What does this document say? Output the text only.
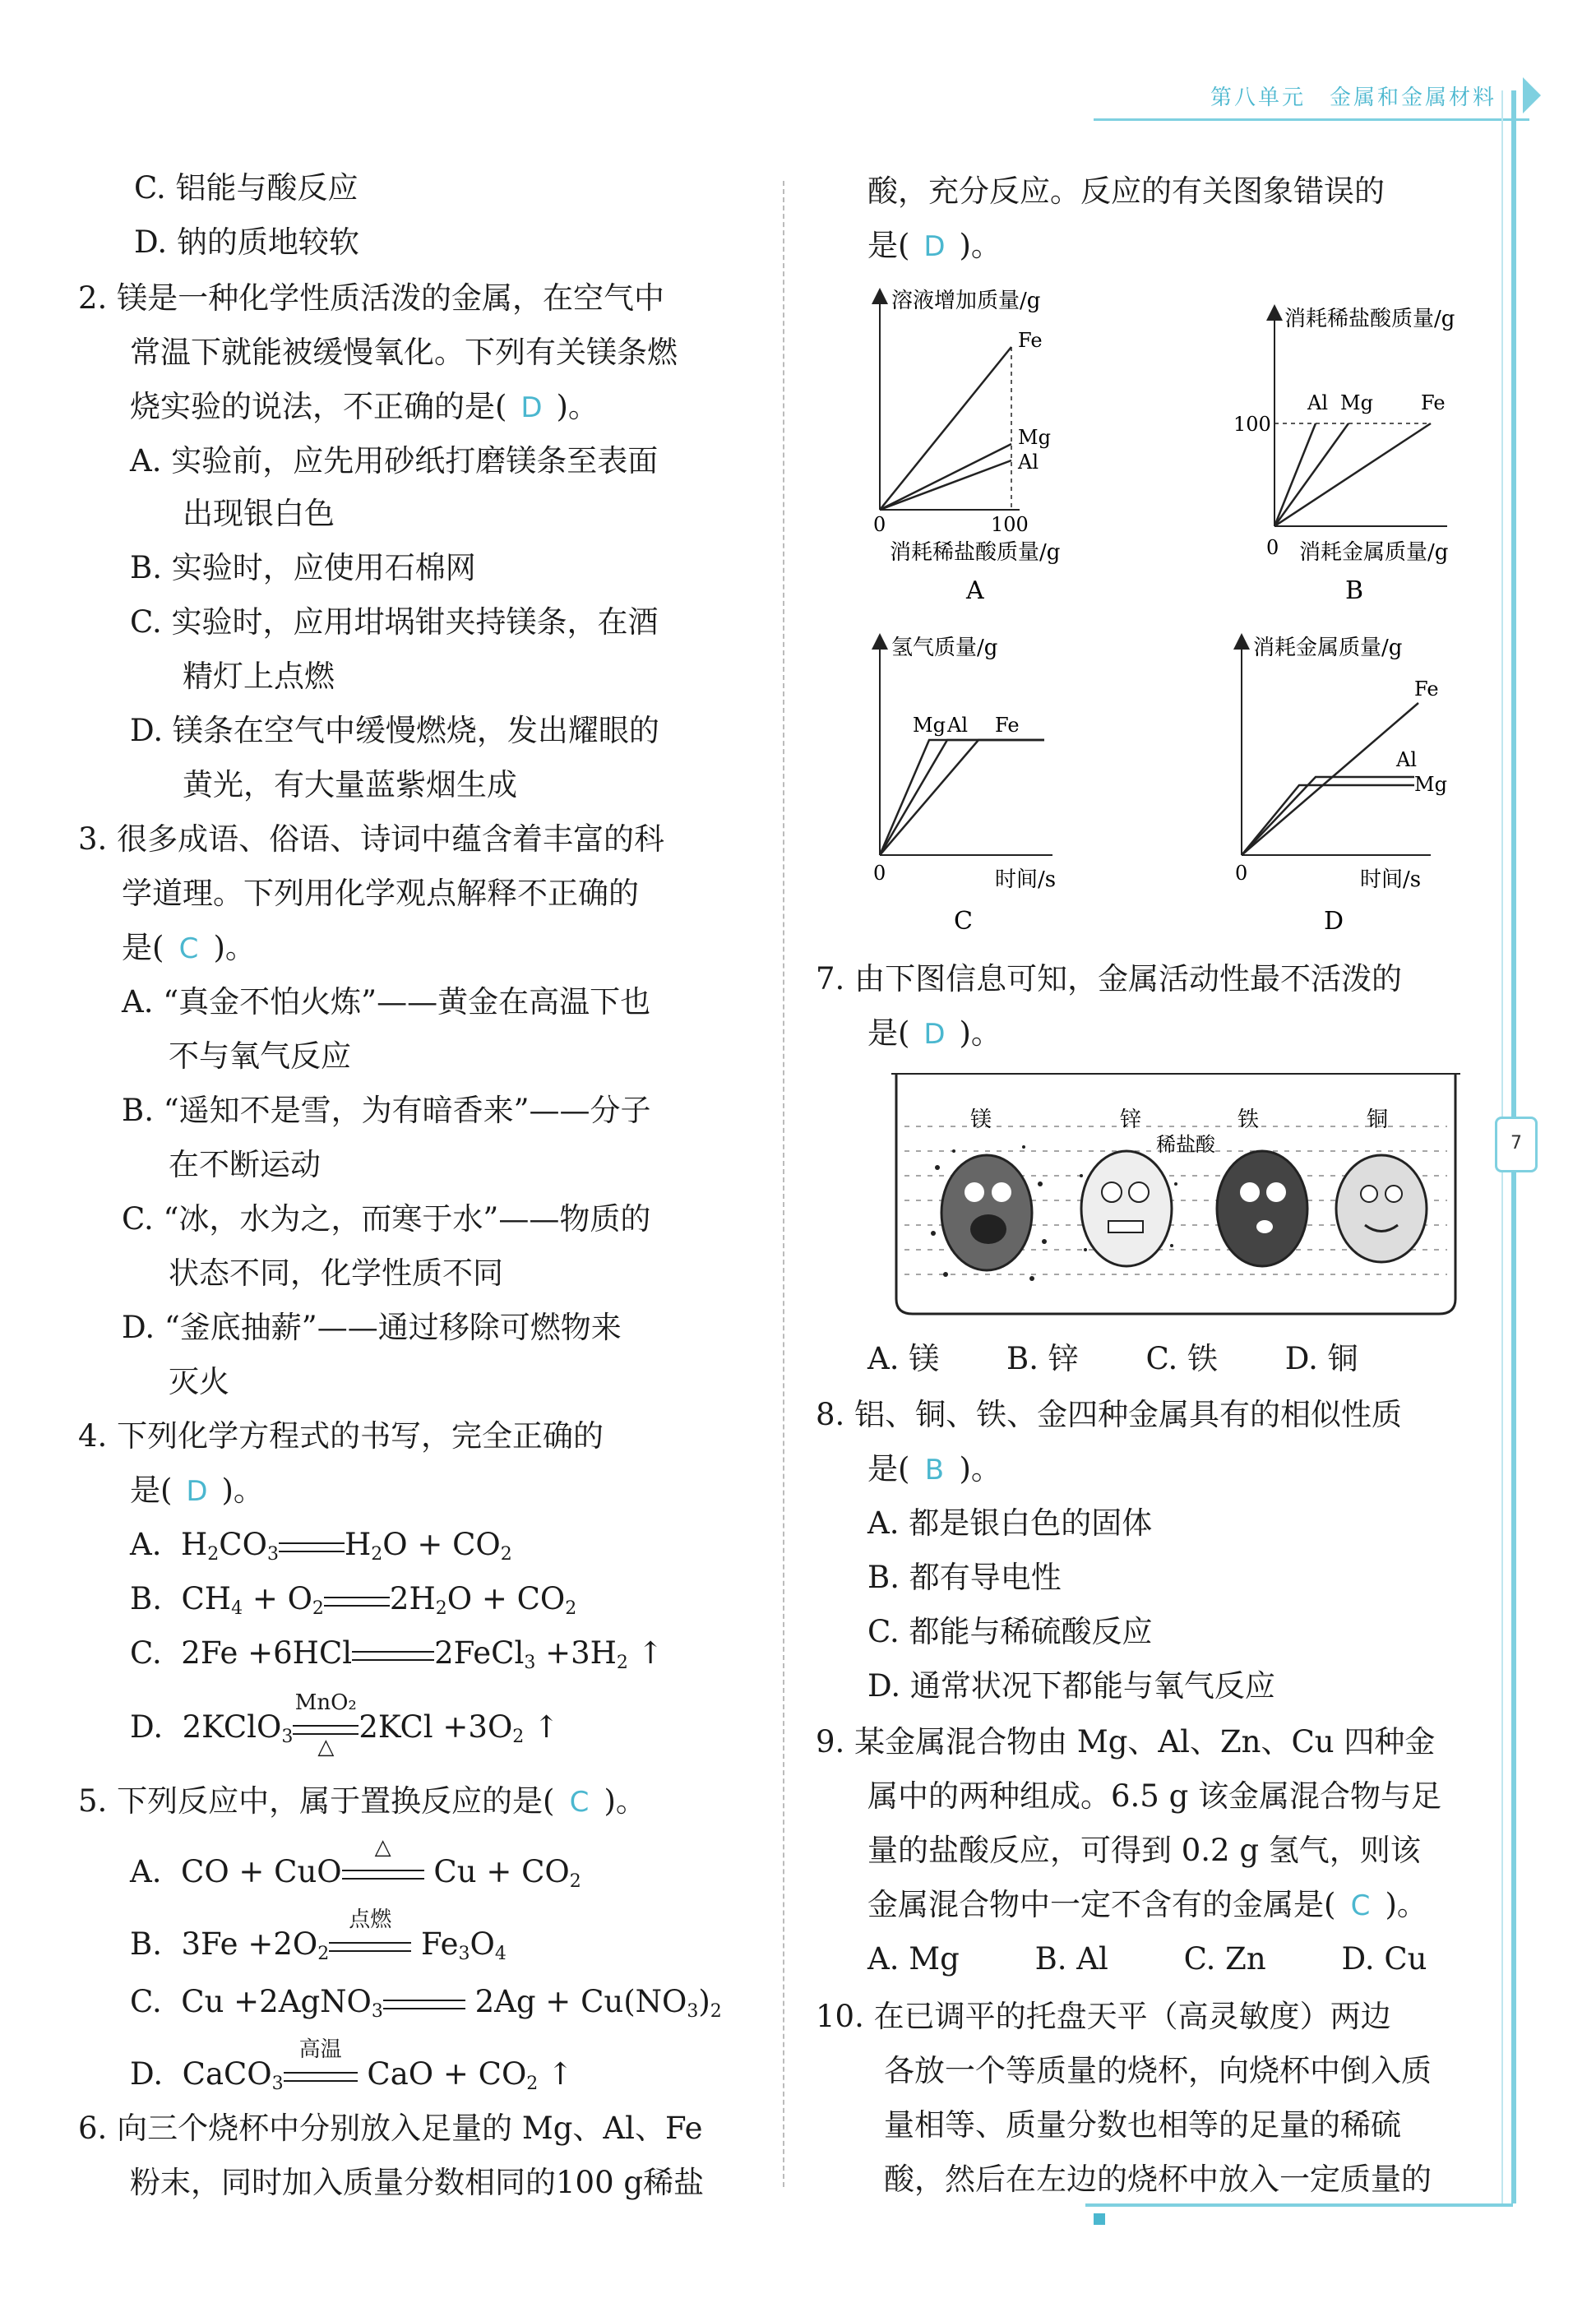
第八单元　金属和金属材料
7
C. 铝能与酸反应
D. 钠的质地较软
2. 镁是一种化学性质活泼的金属，在空气中
常温下就能被缓慢氧化。下列有关镁条燃
烧实验的说法，不正确的是( D )。
A. 实验前，应先用砂纸打磨镁条至表面
出现银白色
B. 实验时，应使用石棉网
C. 实验时，应用坩埚钳夹持镁条，在酒
精灯上点燃
D. 镁条在空气中缓慢燃烧，发出耀眼的
黄光，有大量蓝紫烟生成
3. 很多成语、俗语、诗词中蕴含着丰富的科
学道理。下列用化学观点解释不正确的
是( C )。
A. “真金不怕火炼”——黄金在高温下也
不与氧气反应
B. “遥知不是雪，为有暗香来”——分子
在不断运动
C. “冰，水为之，而寒于水”——物质的
状态不同，化学性质不同
D. “釜底抽薪”——通过移除可燃物来
灭火
4. 下列化学方程式的书写，完全正确的
是( D )。
A.  $H_2CO_3$ $H_2O + CO_2$
B.  $CH_4 + O_2$ $2H_2O + CO_2$
C.  2Fe +6HCl	2FeCl$_3$ $+3H_2$ ↑
D.  2KClO$_3$
MnO₂
△
$2KCl +3O_2$ ↑
5. 下列反应中，属于置换反应的是( C )。
A.  CO + CuO
△
$Cu + CO_2$
B.  $3Fe +2O_2$
点燃
$Fe_3O_4$
C.  Cu +2AgNO$_3$	$2Ag + Cu(NO_3)_2$
D.  CaCO$_3$
高温
CaO + $CO_2$ ↑
6. 向三个烧杯中分别放入足量的 Mg、Al、Fe
粉末，同时加入质量分数相同的100 g稀盐
酸，充分反应。反应的有关图象错误的
是( D )。
溶液增加质量/g
Fe
Mg
Al
0	100
消耗稀盐酸质量/g
A
消耗稀盐酸质量/g
Al Mg Fe
100
0 消耗金属质量/g
B
氢气质量/g
Mg Al Fe
0	时间/s
C
消耗金属质量/g
Fe
Al
Mg
0	时间/s
D
7. 由下图信息可知，金属活动性最不活泼的
是( D )。
镁	锌	铁	铜
稀盐酸
A. 镁 B. 锌 C. 铁 D. 铜
8. 铝、铜、铁、金四种金属具有的相似性质
是( B )。
A. 都是银白色的固体
B. 都有导电性
C. 都能与稀硫酸反应
D. 通常状况下都能与氧气反应
9. 某金属混合物由 Mg、Al、Zn、Cu 四种金
属中的两种组成。6.5 g 该金属混合物与足
量的盐酸反应，可得到 0.2 g 氢气，则该
金属混合物中一定不含有的金属是( C )。
A. Mg B. Al C. Zn D. Cu
10. 在已调平的托盘天平（高灵敏度）两边
各放一个等质量的烧杯，向烧杯中倒入质
量相等、质量分数也相等的足量的稀硫
酸，然后在左边的烧杯中放入一定质量的
